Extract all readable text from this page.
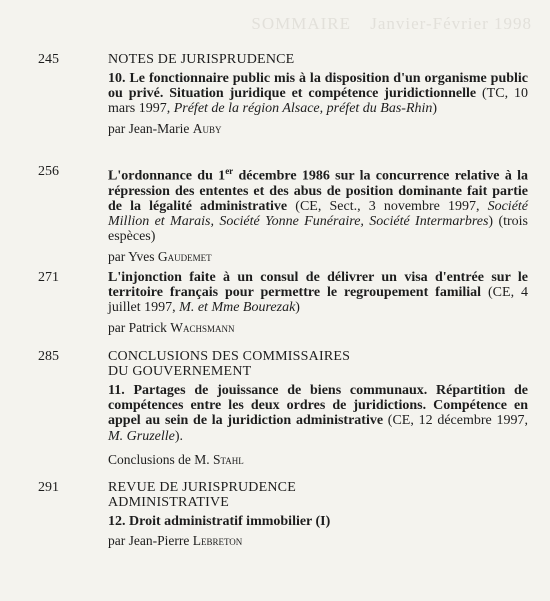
SOMMAIRE Janvier-Février 1998
245	NOTES DE JURISPRUDENCE
10. Le fonctionnaire public mis à la disposition d'un organisme public ou privé. Situation juridique et compétence juridictionnelle (TC, 10 mars 1997, Préfet de la région Alsace, préfet du Bas-Rhin)
par Jean-Marie Auby
256	L'ordonnance du 1er décembre 1986 sur la concurrence relative à la répression des ententes et des abus de position dominante fait partie de la légalité administrative (CE, Sect., 3 novembre 1997, Société Million et Marais, Société Yonne Funéraire, Société Intermarbres) (trois espèces)
par Yves Gaudemet
271	L'injonction faite à un consul de délivrer un visa d'entrée sur le territoire français pour permettre le regroupement familial (CE, 4 juillet 1997, M. et Mme Bourezak)
par Patrick Wachsmann
285	CONCLUSIONS DES COMMISSAIRES
DU GOUVERNEMENT
11. Partages de jouissance de biens communaux. Répartition de compétences entre les deux ordres de juridictions. Compétence en appel au sein de la juridiction administrative (CE, 12 décembre 1997, M. Gruzelle).
Conclusions de M. Stahl
291	REVUE DE JURISPRUDENCE
ADMINISTRATIVE
12. Droit administratif immobilier (I)
par Jean-Pierre Lebreton
